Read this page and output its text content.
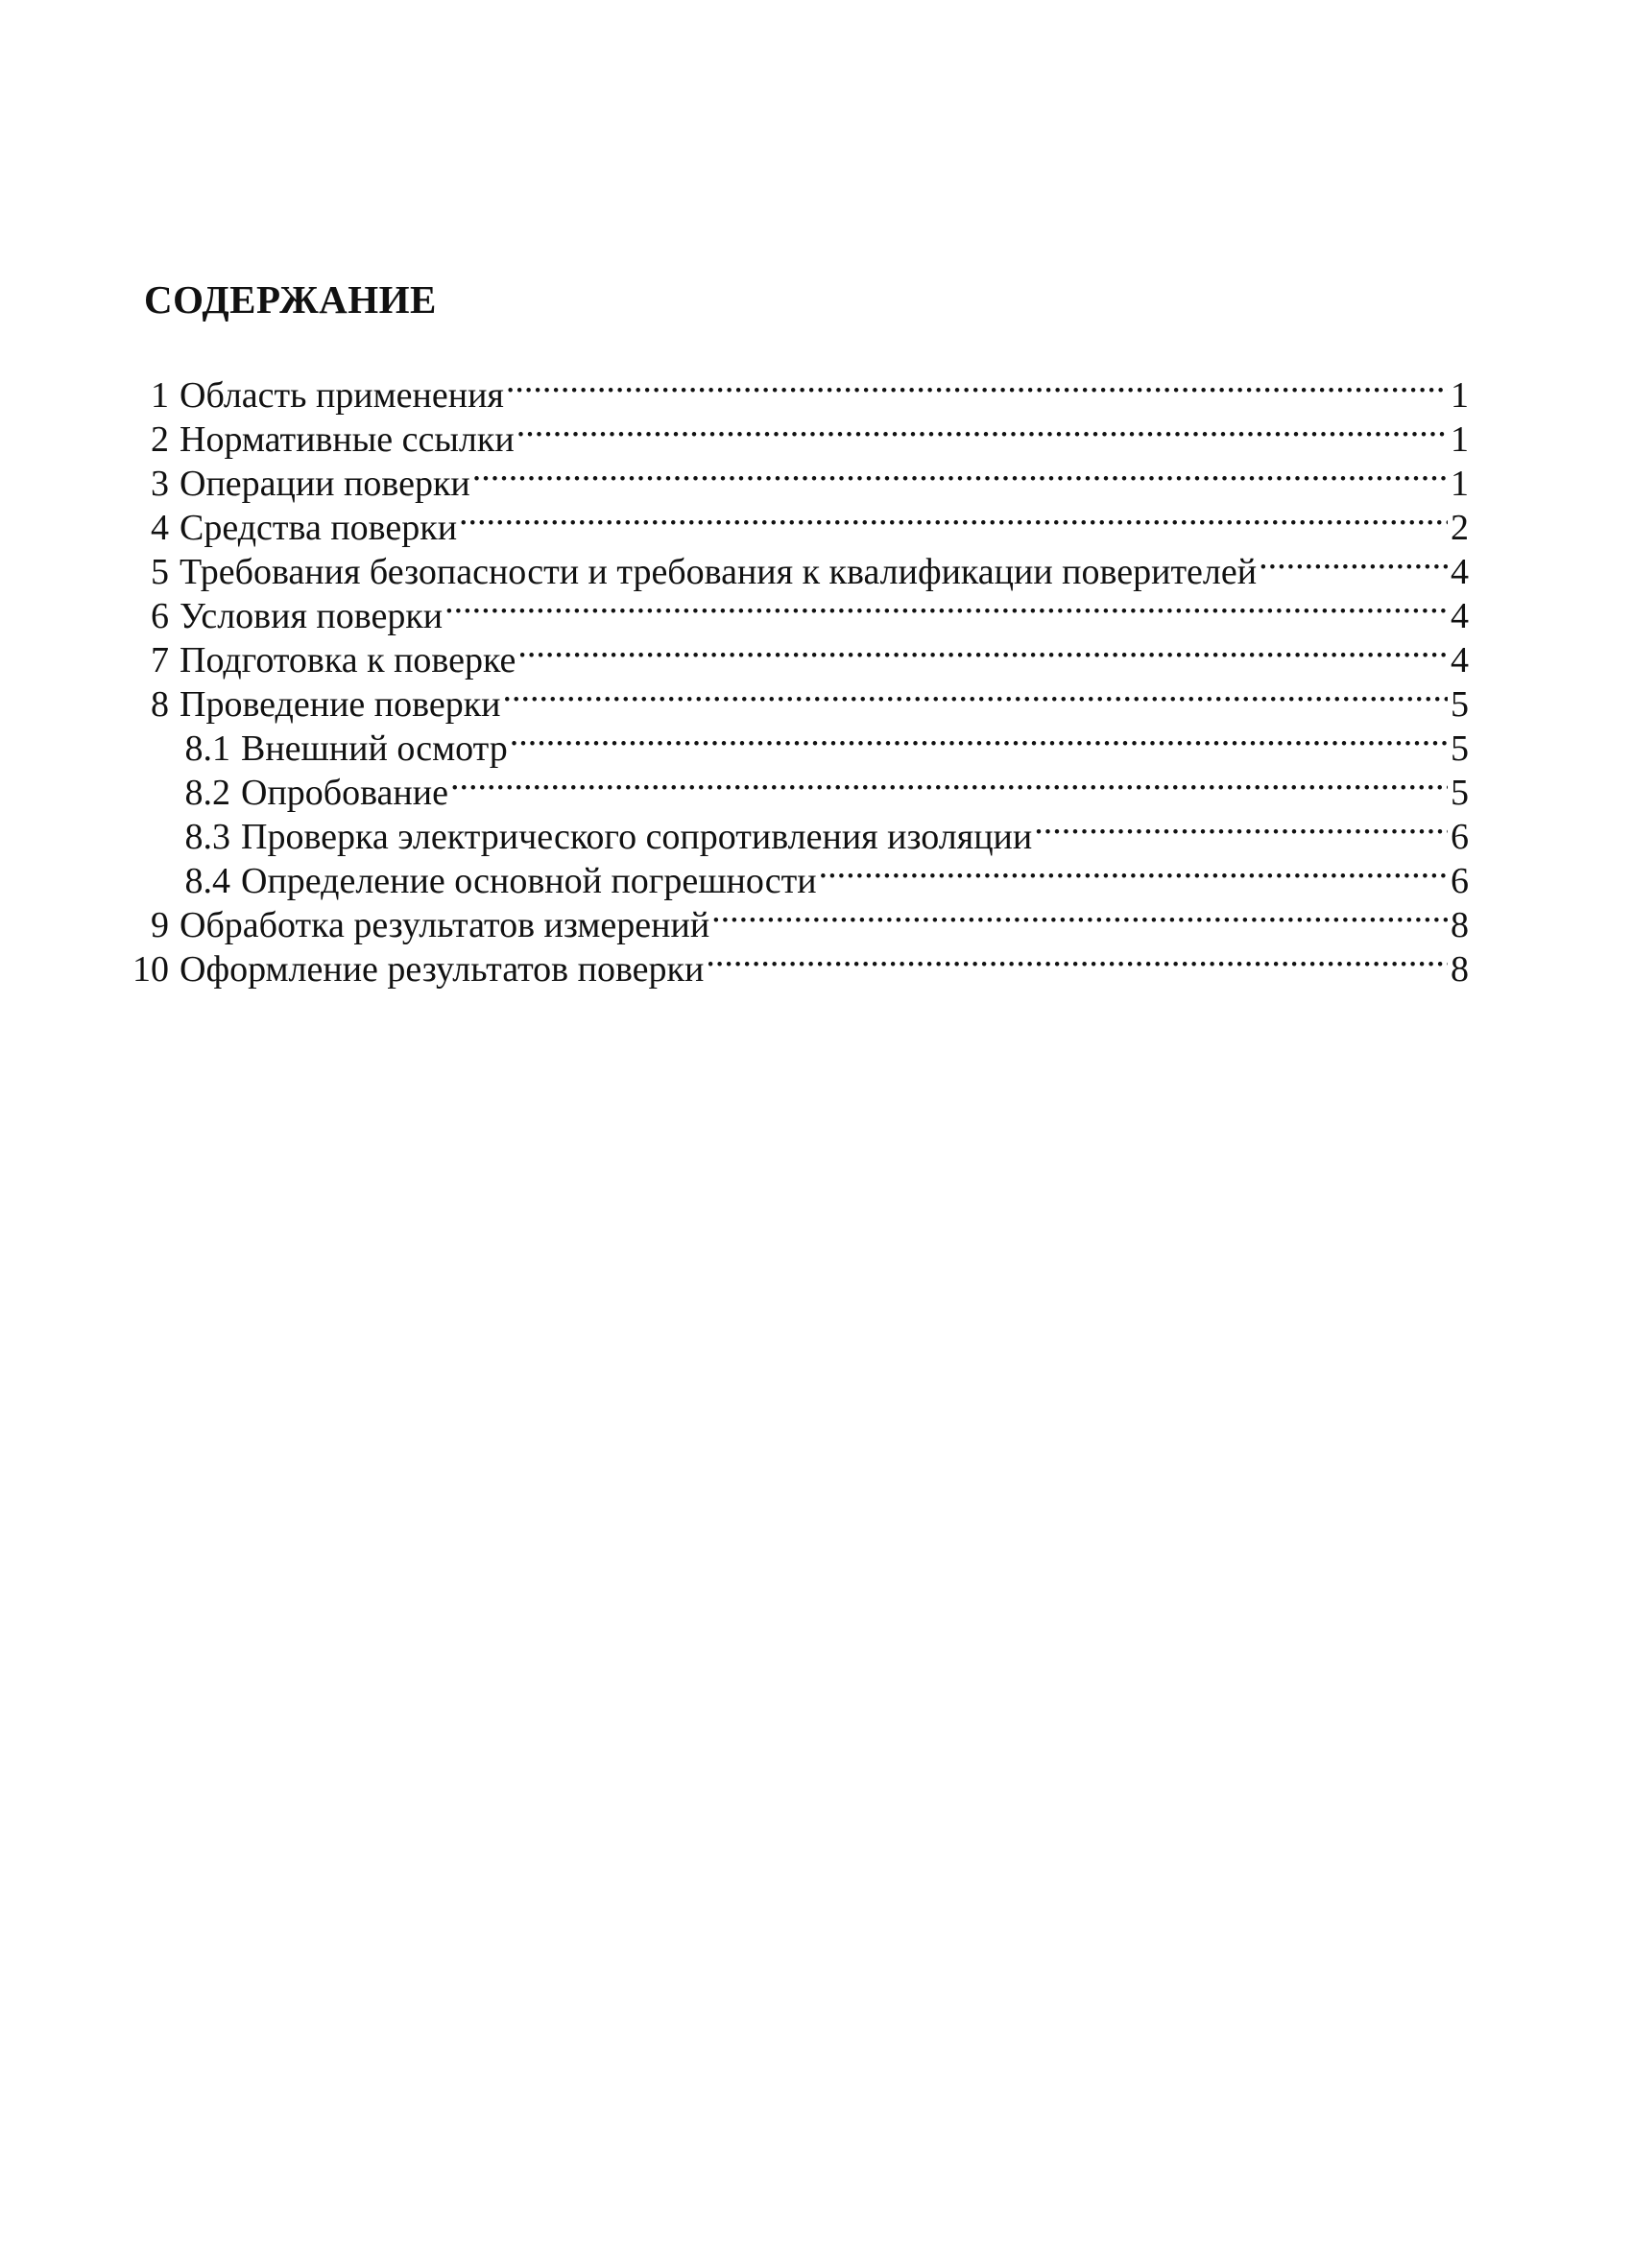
СОДЕРЖАНИЕ
1 Область применения .....	1
2 Нормативные ссылки .....	1
3 Операции поверки .....	1
4 Средства поверки .....	2
5 Требования безопасности и требования к квалификации поверителей .....	4
6 Условия поверки .....	4
7 Подготовка к поверке .....	4
8 Проведение поверки .....	5
8.1 Внешний осмотр .....	5
8.2 Опробование .....	5
8.3 Проверка электрического сопротивления изоляции .....	6
8.4 Определение основной погрешности .....	6
9 Обработка результатов измерений .....	8
10 Оформление результатов поверки .....	8
